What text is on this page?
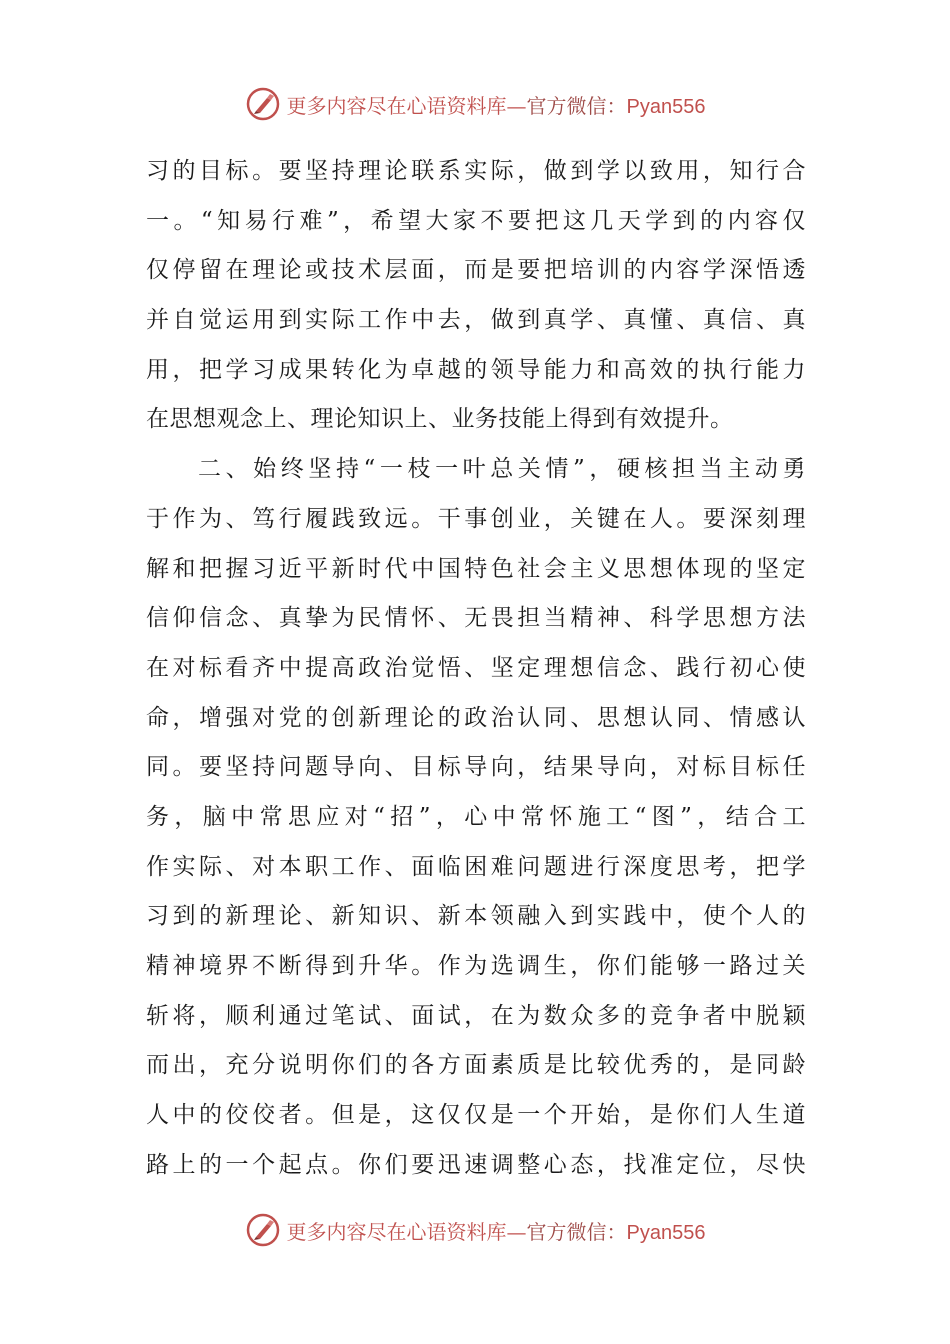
更多内容尽在心语资料库—官方微信：Pyan556
习的目标。要坚持理论联系实际，做到学以致用，知行合
一。“知易行难”，希望大家不要把这几天学到的内容仅
仅停留在理论或技术层面，而是要把培训的内容学深悟透
并自觉运用到实际工作中去，做到真学、真懂、真信、真
用，把学习成果转化为卓越的领导能力和高效的执行能力
在思想观念上、理论知识上、业务技能上得到有效提升。
二、始终坚持“一枝一叶总关情”，硬核担当主动勇
于作为、笃行履践致远。干事创业，关键在人。要深刻理
解和把握习近平新时代中国特色社会主义思想体现的坚定
信仰信念、真挚为民情怀、无畏担当精神、科学思想方法
在对标看齐中提高政治觉悟、坚定理想信念、践行初心使
命，增强对党的创新理论的政治认同、思想认同、情感认
同。要坚持问题导向、目标导向，结果导向，对标目标任
务，脑中常思应对“招”，心中常怀施工“图”，结合工
作实际、对本职工作、面临困难问题进行深度思考，把学
习到的新理论、新知识、新本领融入到实践中，使个人的
精神境界不断得到升华。作为选调生，你们能够一路过关
斩将，顺利通过笔试、面试，在为数众多的竞争者中脱颖
而出，充分说明你们的各方面素质是比较优秀的，是同龄
人中的佼佼者。但是，这仅仅是一个开始，是你们人生道
路上的一个起点。你们要迅速调整心态，找准定位，尽快
更多内容尽在心语资料库—官方微信：Pyan556
